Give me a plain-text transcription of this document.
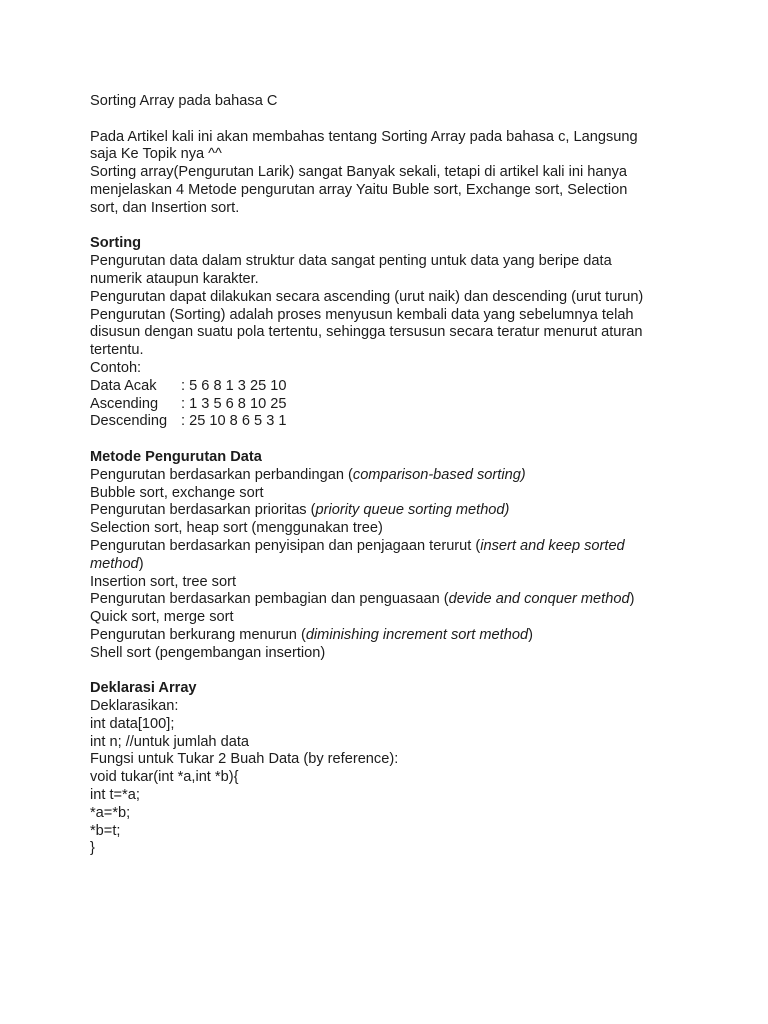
Sorting Array pada bahasa C
Pada Artikel kali ini akan membahas tentang Sorting Array pada bahasa c, Langsung
saja Ke Topik nya ^^
Sorting array(Pengurutan Larik) sangat Banyak sekali, tetapi di artikel kali ini hanya
menjelaskan 4 Metode pengurutan array Yaitu Buble sort, Exchange sort, Selection
sort, dan Insertion sort.
Sorting
Pengurutan data dalam struktur data sangat penting untuk data yang beripe data
numerik ataupun karakter.
Pengurutan dapat dilakukan secara ascending (urut naik) dan descending (urut turun)
Pengurutan (Sorting) adalah proses menyusun kembali data yang sebelumnya telah
disusun dengan suatu pola tertentu, sehingga tersusun secara teratur menurut aturan
tertentu.
Contoh:
Data Acak : 5 6 8 1 3 25 10
Ascending : 1 3 5 6 8 10 25
Descending : 25 10 8 6 5 3 1
Metode Pengurutan Data
Pengurutan berdasarkan perbandingan (comparison-based sorting)
Bubble sort, exchange sort
Pengurutan berdasarkan prioritas (priority queue sorting method)
Selection sort, heap sort (menggunakan tree)
Pengurutan berdasarkan penyisipan dan penjagaan terurut (insert and keep sorted
method)
Insertion sort, tree sort
Pengurutan berdasarkan pembagian dan penguasaan (devide and conquer method)
Quick sort, merge sort
Pengurutan berkurang menurun (diminishing increment sort method)
Shell sort (pengembangan insertion)
Deklarasi Array
Deklarasikan:
int data[100];
int n; //untuk jumlah data
Fungsi untuk Tukar 2 Buah Data (by reference):
void tukar(int *a,int *b){
int t=*a;
*a=*b;
*b=t;
}
